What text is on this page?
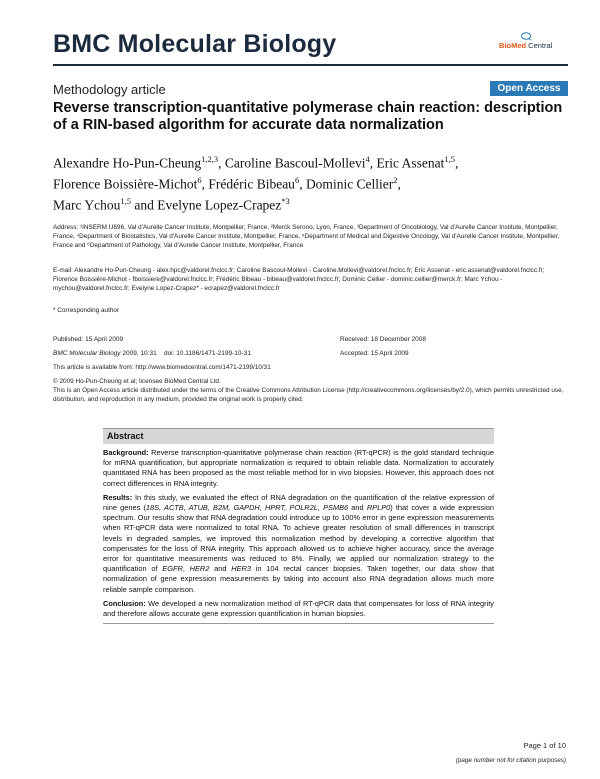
BMC Molecular Biology	BioMed Central
Methodology article	Open Access
Reverse transcription-quantitative polymerase chain reaction: description of a RIN-based algorithm for accurate data normalization
Alexandre Ho-Pun-Cheung$^{1,2,3}$, Caroline Bascoul-Mollevi$^4$, Eric Assenat$^{1,5}$,
Florence Boissière-Michot$^6$, Frédéric Bibeau$^6$, Dominic Cellier$^2$,
Marc Ychou$^{1,5}$ and Evelyne Lopez-Crapez$^{*3}$
Address: ¹INSERM U896, Val d'Aurelle Cancer Institute, Montpellier, France, ²Merck Serono, Lyon, France, ³Department of Oncobiology, Val d'Aurelle Cancer Institute, Montpellier, France, ⁴Department of Biostatistics, Val d'Aurelle Cancer Institute, Montpellier, France, ⁵Department of Medical and Digestive Oncology, Val d'Aurelle Cancer Institute, Montpellier, France and ⁶Department of Pathology, Val d'Aurelle Cancer Institute, Montpellier, France
E-mail: Alexandre Ho-Pun-Cheung - alex.hpc@valdorel.fnclcc.fr; Caroline Bascoul-Mollevi - Caroline.Mollevi@valdorel.fnclcc.fr; Eric Assenat - eric.assenat@valdorel.fnclcc.fr; Florence Boissière-Michot - fboissiere@valdorel.fnclcc.fr; Frédéric Bibeau - bibeau@valdorel.fnclcc.fr; Dominic Cellier - dominic.cellier@merck.fr; Marc Ychou - mychou@valdorel.fnclcc.fr; Evelyne Lopez-Crapez* - ecrapez@valdorel.fnclcc.fr
* Corresponding author
Published: 15 April 2009
BMC Molecular Biology 2009, 10:31 doi: 10.1186/1471-2199-10-31
Received: 18 December 2008
Accepted: 15 April 2009
This article is available from: http://www.biomedcentral.com/1471-2199/10/31
© 2009 Ho-Pun-Cheung et al; licensee BioMed Central Ltd.
This is an Open Access article distributed under the terms of the Creative Commons Attribution License (http://creativecommons.org/licenses/by/2.0), which permits unrestricted use, distribution, and reproduction in any medium, provided the original work is properly cited.
Abstract
Background: Reverse transcription-quantitative polymerase chain reaction (RT-qPCR) is the gold standard technique for mRNA quantification, but appropriate normalization is required to obtain reliable data. Normalization to accurately quantitated RNA has been proposed as the most reliable method for in vivo biopsies. However, this approach does not correct differences in RNA integrity.
Results: In this study, we evaluated the effect of RNA degradation on the quantification of the relative expression of nine genes (18S, ACTB, ATUB, B2M, GAPDH, HPRT, POLR2L, PSMB6 and RPLP0) that cover a wide expression spectrum. Our results show that RNA degradation could introduce up to 100% error in gene expression measurements when RT-qPCR data were normalized to total RNA. To achieve greater resolution of small differences in transcript levels in degraded samples, we improved this normalization method by developing a corrective algorithm that compensates for the loss of RNA integrity. This approach allowed us to achieve higher accuracy, since the average error for quantitative measurements was reduced to 8%. Finally, we applied our normalization strategy to the quantification of EGFR, HER2 and HER3 in 104 rectal cancer biopsies. Taken together, our data show that normalization of gene expression measurements by taking into account also RNA degradation allows much more reliable sample comparison.
Conclusion: We developed a new normalization method of RT-qPCR data that compensates for loss of RNA integrity and therefore allows accurate gene expression quantification in human biopsies.
Page 1 of 10
(page number not for citation purposes)
